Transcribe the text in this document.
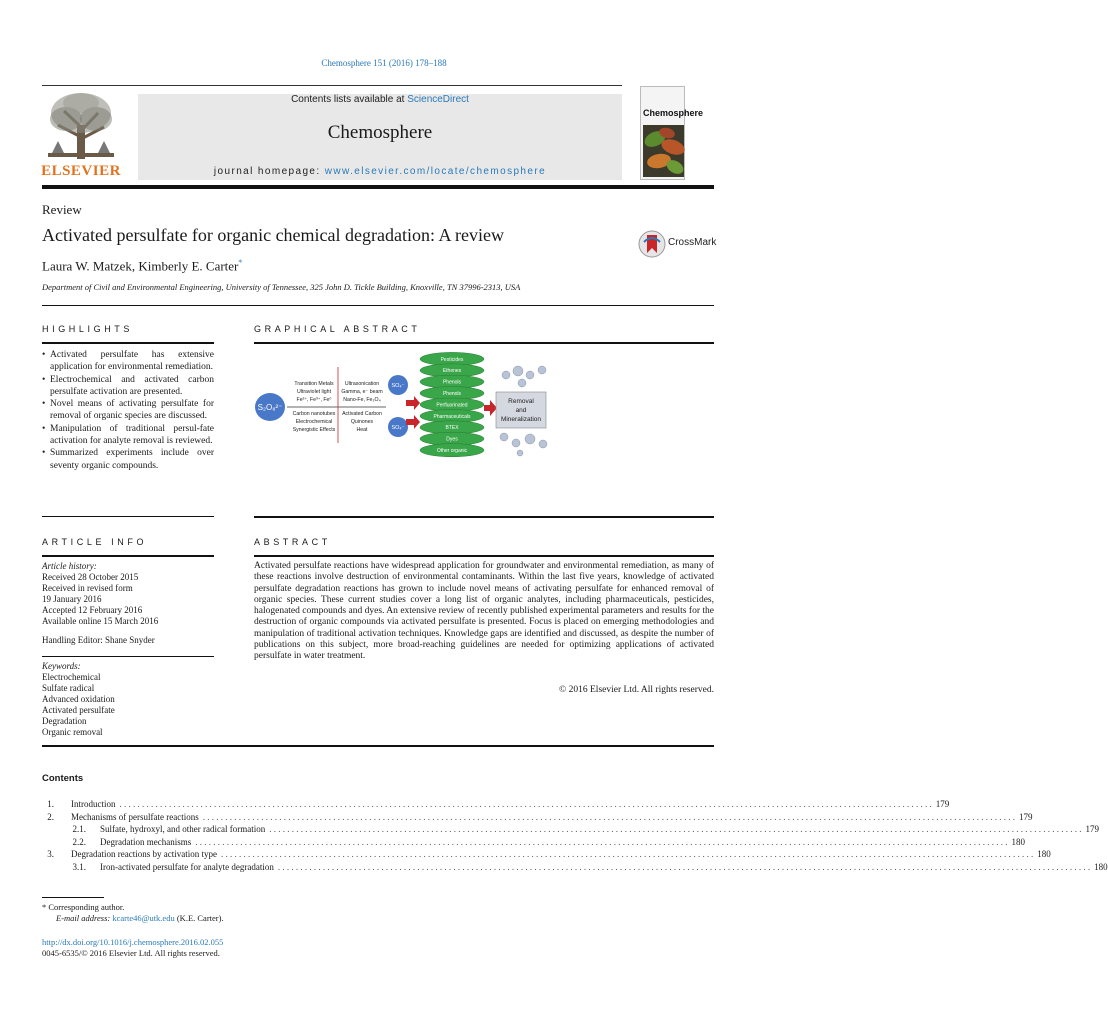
Chemosphere 151 (2016) 178–188
ELSEVIER
Contents lists available at ScienceDirect
Chemosphere
journal homepage: www.elsevier.com/locate/chemosphere
Chemosphere
Review
Activated persulfate for organic chemical degradation: A review	CrossMark
Laura W. Matzek, Kimberly E. Carter*
Department of Civil and Environmental Engineering, University of Tennessee, 325 John D. Tickle Building, Knoxville, TN 37996-2313, USA
HIGHLIGHTS
• Activated persulfate has extensive application for environmental remediation.
• Electrochemical and activated carbon persulfate activation are presented.
• Novel means of activating persulfate for removal of organic species are discussed.
• Manipulation of traditional persul-fate activation for analyte removal is reviewed.
• Summarized experiments include over seventy organic compounds.
GRAPHICAL ABSTRACT
S₂O₈²⁻
Transition Metals
Ultraviolet light
Fe²⁺, Fe³⁺, Fe⁰
Ultrasonication
Gamma, e⁻ beam
Nano-Fe, Fe₃O₄
Carbon nanotubes
Electrochemical
Synergistic Effects
Activated Carbon
Quinones
Heat
SO₄⁻
SO₄⁻
Pesticides
Ethenes
Phenols
Phenols
Perfluorinated
Pharmaceuticals
BTEX
Dyes
Other organic
Removal
and
Mineralization
ARTICLE INFO
Article history:
Received 28 October 2015
Received in revised form
19 January 2016
Accepted 12 February 2016
Available online 15 March 2016
Handling Editor: Shane Snyder
Keywords:
Electrochemical
Sulfate radical
Advanced oxidation
Activated persulfate
Degradation
Organic removal
ABSTRACT
Activated persulfate reactions have widespread application for groundwater and environmental remediation, as many of these reactions involve destruction of environmental contaminants. Within the last five years, knowledge of activated persulfate degradation reactions has grown to include novel means of activating persulfate for enhanced removal of organic species. These current studies cover a long list of organic analytes, including pharmaceuticals, pesticides, halogenated compounds and dyes. An extensive review of recently published experimental parameters and results for the destruction of organic compounds via activated persulfate is presented. Focus is placed on emerging methodologies and manipulation of traditional activation techniques. Knowledge gaps are identified and discussed, as despite the number of publications on this subject, more broad-reaching guidelines are needed for optimizing applications of activated persulfate in water treatment.
© 2016 Elsevier Ltd. All rights reserved.
Contents
1. Introduction . . .	179
2. Mechanisms of persulfate reactions . . .	179
2.1. Sulfate, hydroxyl, and other radical formation . . .	179
2.2. Degradation mechanisms . . .	180
3. Degradation reactions by activation type . . .	180
3.1. Iron-activated persulfate for analyte degradation . . .	180
* Corresponding author.
E-mail address: kcarte46@utk.edu (K.E. Carter).
http://dx.doi.org/10.1016/j.chemosphere.2016.02.055
0045-6535/© 2016 Elsevier Ltd. All rights reserved.
